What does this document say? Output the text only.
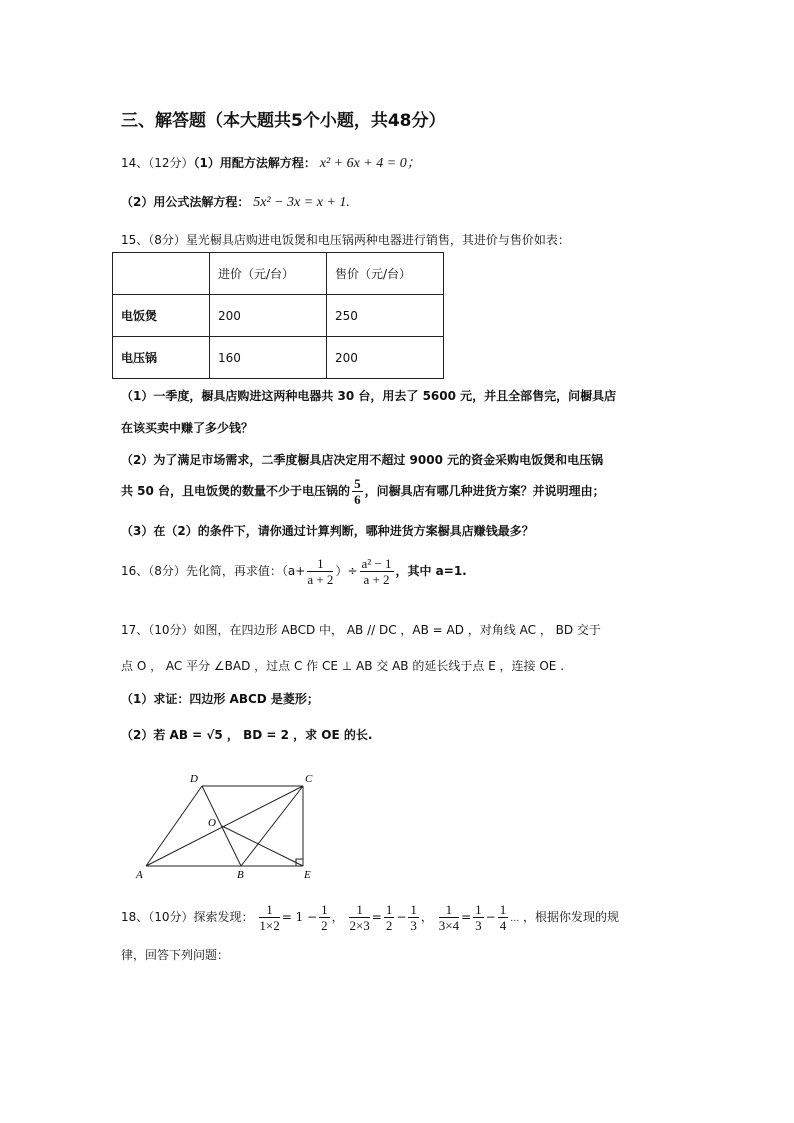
三、解答题（本大题共5个小题，共48分）
14、（12分）（1）用配方法解方程： x² + 6x + 4 = 0；
（2）用公式法解方程： 5x² − 3x = x + 1.
15、（8分）星光橱具店购进电饭煲和电压锅两种电器进行销售，其进价与售价如表：
	进价（元/台）	售价（元/台）
电饭煲	200	250
电压锅	160	200
（1）一季度，橱具店购进这两种电器共 30 台，用去了 5600 元，并且全部售完，问橱具店
在该买卖中赚了多少钱？
（2）为了满足市场需求，二季度橱具店决定用不超过 9000 元的资金采购电饭煲和电压锅
共 50 台，且电饭煲的数量不少于电压锅的 $\frac{5}{6}$ ，问橱具店有哪几种进货方案？并说明理由；
（3）在（2）的条件下，请你通过计算判断，哪种进货方案橱具店赚钱最多？
16、（8分）先化简，再求值：（$a+ \frac{1}{a + 2}$ ）÷ $\frac{\text{a² − 1}}{a + 2}$ ，其中 a=1.
17、（10分）如图，在四边形 ABCD 中， AB // DC ，AB = AD ，对角线 AC ， BD 交于
点 O ， AC 平分 ∠BAD ，过点 C 作 CE ⊥ AB 交 AB 的延长线于点 E ，连接 OE .
（1）求证：四边形 ABCD 是菱形；
（2）若 AB = √5 ， BD = 2 ，求 OE 的长.
A	B
C
D
E
O
18、（10分）探索发现： $\frac{1}{1\times 2} = 1 - \frac{1}{2}$ ， $\frac{1}{2\times 3} = \frac{1}{2} - \frac{1}{3}$ ， $\frac{1}{3\times 4} = \frac{1}{3} - \frac{1}{4}$ … ，根据你发现的规
律，回答下列问题：
